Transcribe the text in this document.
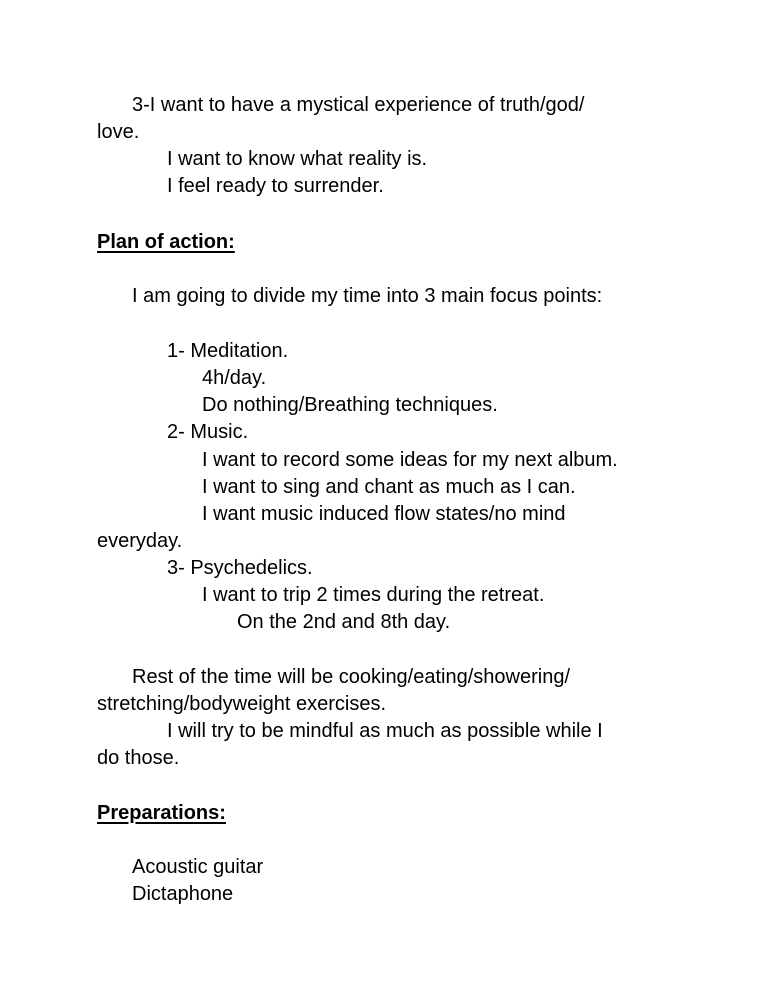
3-I want to have a mystical experience of truth/god/
love.
I want to know what reality is.
I feel ready to surrender.
Plan of action:
I am going to divide my time into 3 main focus points:
1- Meditation.
4h/day.
Do nothing/Breathing techniques.
2- Music.
I want to record some ideas for my next album.
I want to sing and chant as much as I can.
I want music induced flow states/no mind
everyday.
3- Psychedelics.
I want to trip 2 times during the retreat.
On the 2nd and 8th day.
Rest of the time will be cooking/eating/showering/
stretching/bodyweight exercises.
I will try to be mindful as much as possible while I
do those.
Preparations:
Acoustic guitar
Dictaphone
